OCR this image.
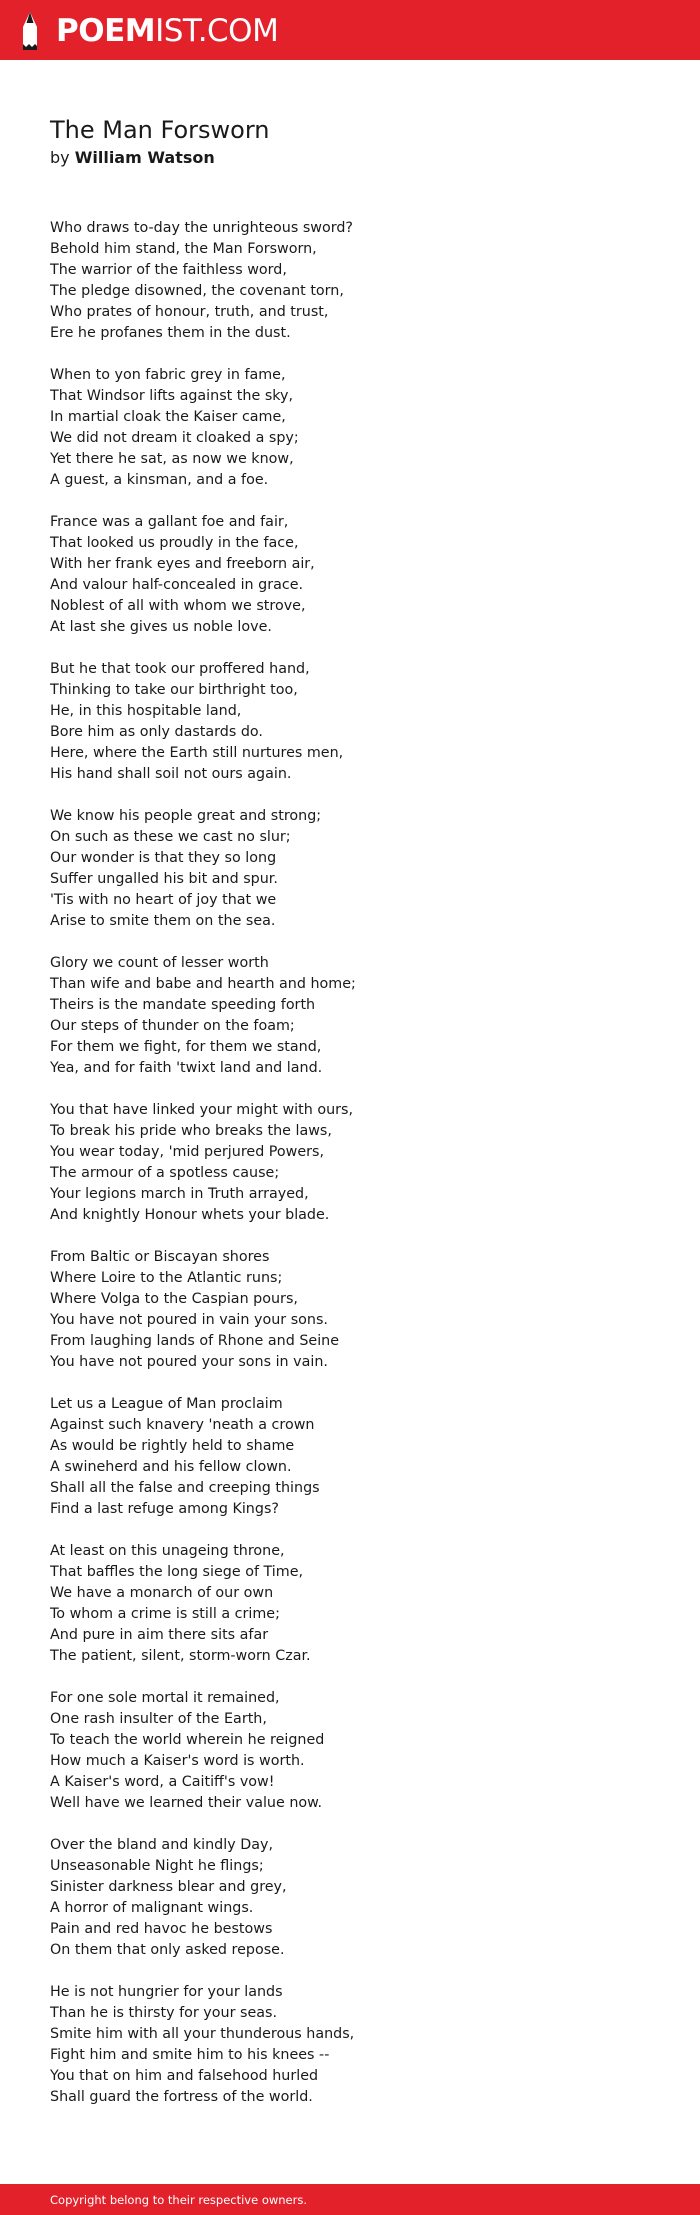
POEMIST.COM
The Man Forsworn
by William Watson
Who draws to-day the unrighteous sword?
Behold him stand, the Man Forsworn,
The warrior of the faithless word,
The pledge disowned, the covenant torn,
Who prates of honour, truth, and trust,
Ere he profanes them in the dust.
When to yon fabric grey in fame,
That Windsor lifts against the sky,
In martial cloak the Kaiser came,
We did not dream it cloaked a spy;
Yet there he sat, as now we know,
A guest, a kinsman, and a foe.
France was a gallant foe and fair,
That looked us proudly in the face,
With her frank eyes and freeborn air,
And valour half-concealed in grace.
Noblest of all with whom we strove,
At last she gives us noble love.
But he that took our proffered hand,
Thinking to take our birthright too,
He, in this hospitable land,
Bore him as only dastards do.
Here, where the Earth still nurtures men,
His hand shall soil not ours again.
We know his people great and strong;
On such as these we cast no slur;
Our wonder is that they so long
Suffer ungalled his bit and spur.
'Tis with no heart of joy that we
Arise to smite them on the sea.
Glory we count of lesser worth
Than wife and babe and hearth and home;
Theirs is the mandate speeding forth
Our steps of thunder on the foam;
For them we fight, for them we stand,
Yea, and for faith 'twixt land and land.
You that have linked your might with ours,
To break his pride who breaks the laws,
You wear today, 'mid perjured Powers,
The armour of a spotless cause;
Your legions march in Truth arrayed,
And knightly Honour whets your blade.
From Baltic or Biscayan shores
Where Loire to the Atlantic runs;
Where Volga to the Caspian pours,
You have not poured in vain your sons.
From laughing lands of Rhone and Seine
You have not poured your sons in vain.
Let us a League of Man proclaim
Against such knavery 'neath a crown
As would be rightly held to shame
A swineherd and his fellow clown.
Shall all the false and creeping things
Find a last refuge among Kings?
At least on this unageing throne,
That baffles the long siege of Time,
We have a monarch of our own
To whom a crime is still a crime;
And pure in aim there sits afar
The patient, silent, storm-worn Czar.
For one sole mortal it remained,
One rash insulter of the Earth,
To teach the world wherein he reigned
How much a Kaiser's word is worth.
A Kaiser's word, a Caitiff's vow!
Well have we learned their value now.
Over the bland and kindly Day,
Unseasonable Night he flings;
Sinister darkness blear and grey,
A horror of malignant wings.
Pain and red havoc he bestows
On them that only asked repose.
He is not hungrier for your lands
Than he is thirsty for your seas.
Smite him with all your thunderous hands,
Fight him and smite him to his knees --
You that on him and falsehood hurled
Shall guard the fortress of the world.
Copyright belong to their respective owners.
